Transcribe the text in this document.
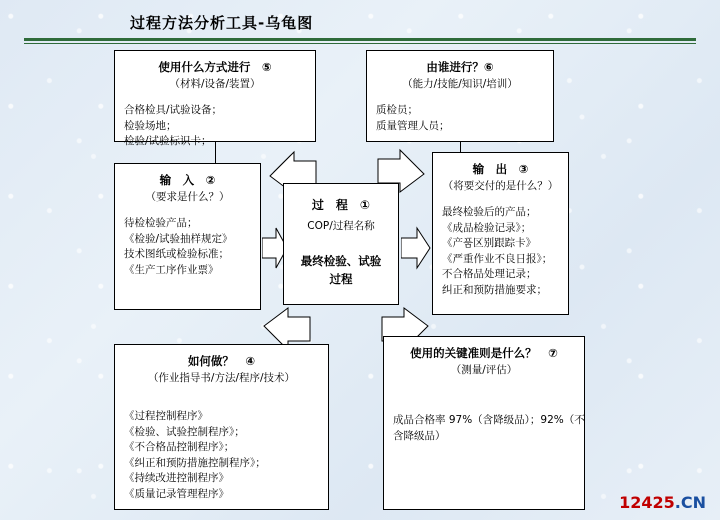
过程方法分析工具-乌龟图
使用什么方式进行　⑤
（材料/设备/装置）
合格检具/试验设备；
检验场地；
检验/试验标识卡；
由谁进行？⑥
（能力/技能/知识/培训）
质检员；
质量管理人员；
输　入　②
（要求是什么？）
待检检验产品；
《检验/试验抽样规定》
技术图纸或检验标准；
《生产工序作业票》
过　程　①
COP/过程名称
最终检验、试验
过程
输　出　③
（将要交付的是什么？）
最终检验后的产品；
《成品检验记录》；
《产품区别跟踪卡》
《严重作业不良日报》；
不合格品处理记录；
纠正和预防措施要求；
如何做？　④
（作业指导书/方法/程序/技术）
《过程控制程序》
《检验、试验控制程序》；
《不合格品控制程序》；
《纠正和预防措施控制程序》；
《持续改进控制程序》
《质量记录管理程序》
使用的关键准则是什么？　⑦
（测量/评估）
成品合格率 97%（含降级品）；92%（不
含降级品）
12425.CN
